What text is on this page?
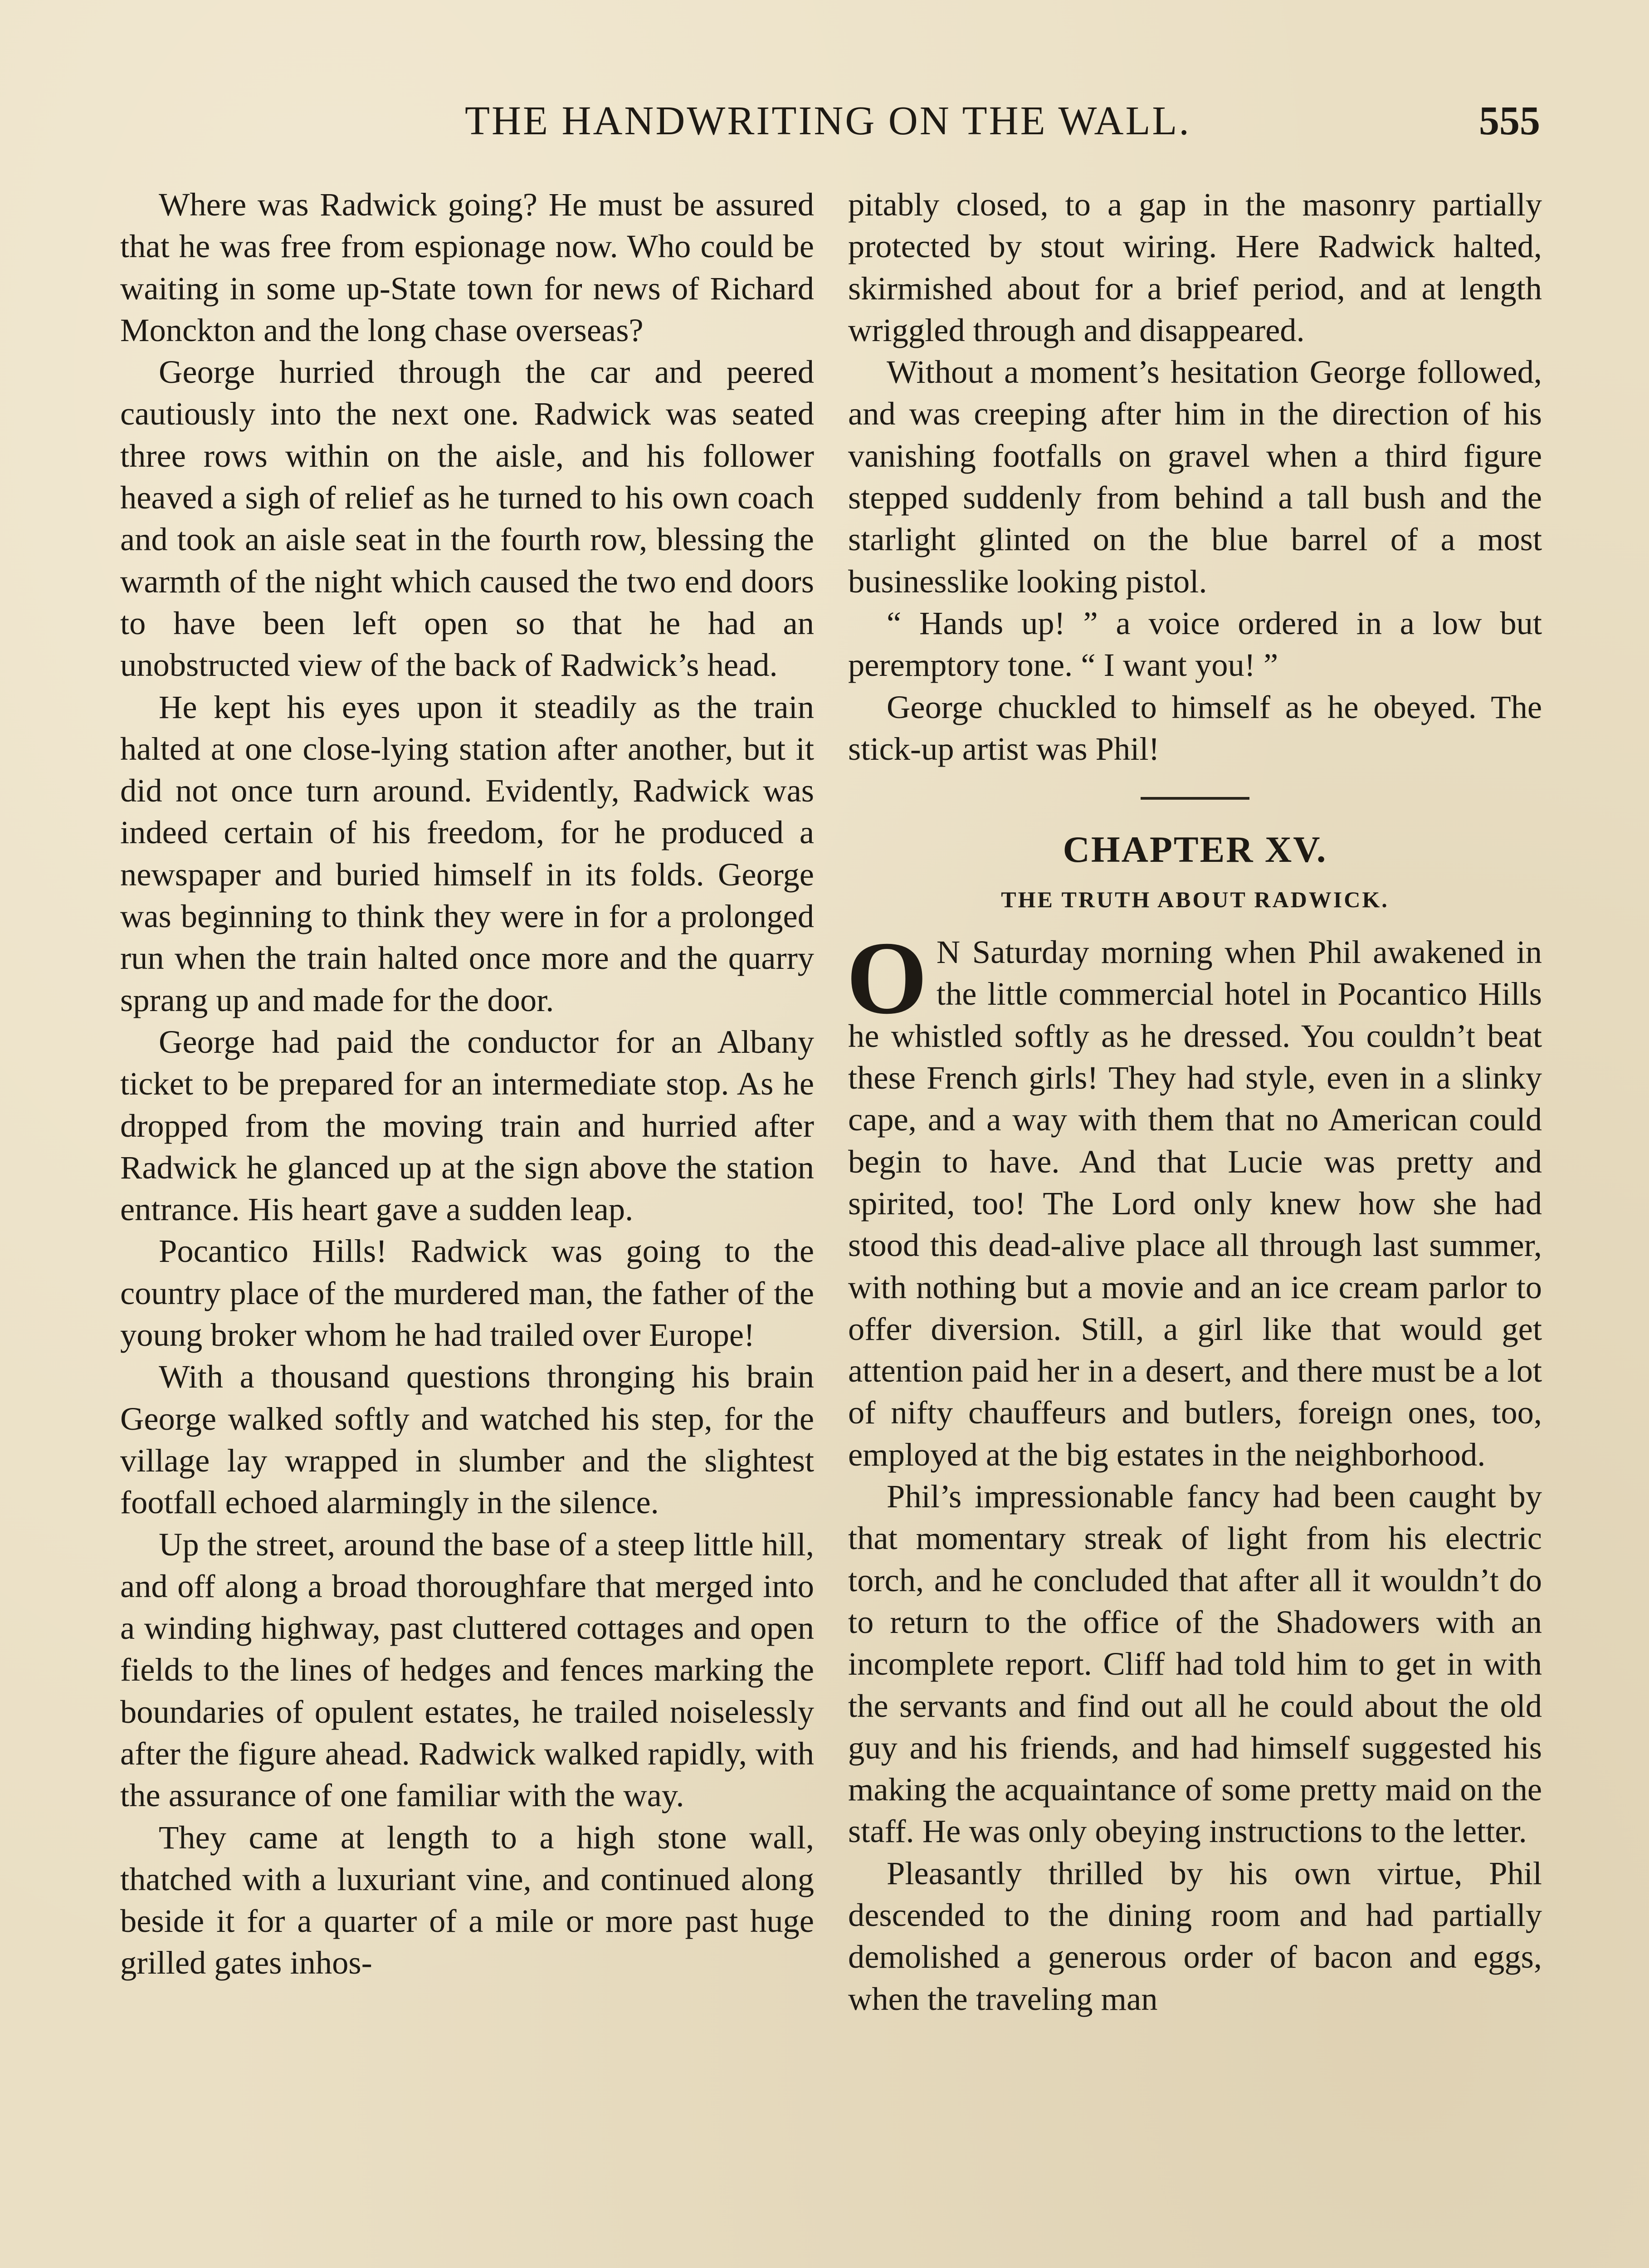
THE HANDWRITING ON THE WALL.	555

Where was Radwick going? He must be assured that he was free from espionage now. Who could be waiting in some up-State town for news of Richard Monckton and the long chase overseas?

George hurried through the car and peered cautiously into the next one. Radwick was seated three rows within on the aisle, and his follower heaved a sigh of relief as he turned to his own coach and took an aisle seat in the fourth row, blessing the warmth of the night which caused the two end doors to have been left open so that he had an unobstructed view of the back of Radwick’s head.

He kept his eyes upon it steadily as the train halted at one close-lying station after another, but it did not once turn around. Evidently, Radwick was indeed certain of his freedom, for he produced a newspaper and buried himself in its folds. George was beginning to think they were in for a prolonged run when the train halted once more and the quarry sprang up and made for the door.

George had paid the conductor for an Albany ticket to be prepared for an intermediate stop. As he dropped from the moving train and hurried after Radwick he glanced up at the sign above the station entrance. His heart gave a sudden leap.

Pocantico Hills! Radwick was going to the country place of the murdered man, the father of the young broker whom he had trailed over Europe!

With a thousand questions thronging his brain George walked softly and watched his step, for the village lay wrapped in slumber and the slightest footfall echoed alarmingly in the silence.

Up the street, around the base of a steep little hill, and off along a broad thoroughfare that merged into a winding highway, past cluttered cottages and open fields to the lines of hedges and fences marking the boundaries of opulent estates, he trailed noiselessly after the figure ahead. Radwick walked rapidly, with the assurance of one familiar with the way.

They came at length to a high stone wall, thatched with a luxuriant vine, and continued along beside it for a quarter of a mile or more past huge grilled gates inhos-

pitably closed, to a gap in the masonry partially protected by stout wiring. Here Radwick halted, skirmished about for a brief period, and at length wriggled through and disappeared.

Without a moment’s hesitation George followed, and was creeping after him in the direction of his vanishing footfalls on gravel when a third figure stepped suddenly from behind a tall bush and the starlight glinted on the blue barrel of a most businesslike looking pistol.

“ Hands up! ” a voice ordered in a low but peremptory tone. “ I want you! ”

George chuckled to himself as he obeyed. The stick-up artist was Phil!

CHAPTER XV.
THE TRUTH ABOUT RADWICK.

O N Saturday morning when Phil awakened in the little commercial hotel in Pocantico Hills he whistled softly as he dressed. You couldn’t beat these French girls! They had style, even in a slinky cape, and a way with them that no American could begin to have. And that Lucie was pretty and spirited, too! The Lord only knew how she had stood this dead-alive place all through last summer, with nothing but a movie and an ice cream parlor to offer diversion. Still, a girl like that would get attention paid her in a desert, and there must be a lot of nifty chauffeurs and butlers, foreign ones, too, employed at the big estates in the neighborhood.

Phil’s impressionable fancy had been caught by that momentary streak of light from his electric torch, and he concluded that after all it wouldn’t do to return to the office of the Shadowers with an incomplete report. Cliff had told him to get in with the servants and find out all he could about the old guy and his friends, and had himself suggested his making the acquaintance of some pretty maid on the staff. He was only obeying instructions to the letter.

Pleasantly thrilled by his own virtue, Phil descended to the dining room and had partially demolished a generous order of bacon and eggs, when the traveling man
